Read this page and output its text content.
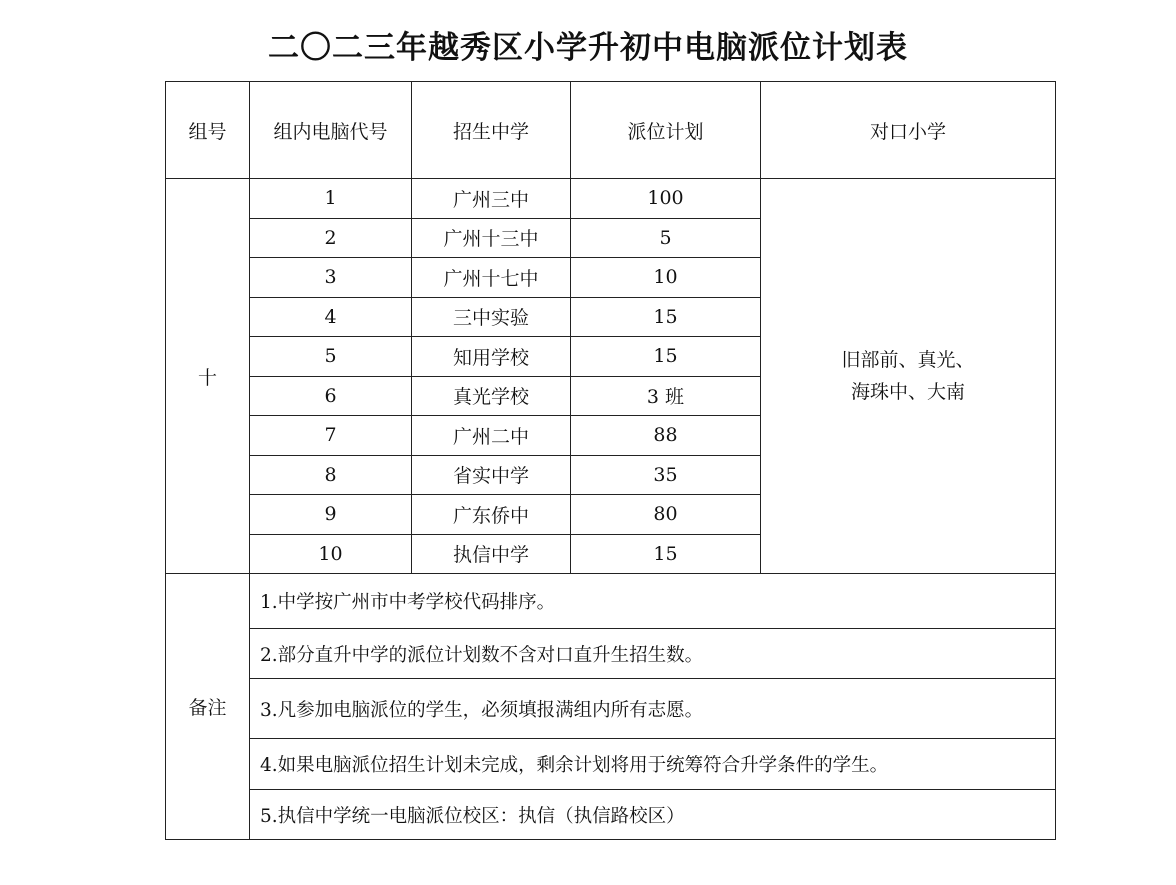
二〇二三年越秀区小学升初中电脑派位计划表
组号	组内电脑代号	招生中学	派位计划	对口小学
十	1	广州三中	100	旧部前、真光、
海珠中、大南

	2	广州十三中	5	
	3	广州十七中	10	
	4	三中实验	15	
	5	知用学校	15	
	6	真光学校	3 班	
	7	广州二中	88	
	8	省实中学	35	
	9	广东侨中	80	
	10	执信中学	15	
备注	1.中学按广州市中考学校代码排序。			
	2.部分直升中学的派位计划数不含对口直升生招生数。			
	3.凡参加电脑派位的学生，必须填报满组内所有志愿。			
	4.如果电脑派位招生计划未完成，剩余计划将用于统筹符合升学条件的学生。			
	5.执信中学统一电脑派位校区：执信（执信路校区）			
